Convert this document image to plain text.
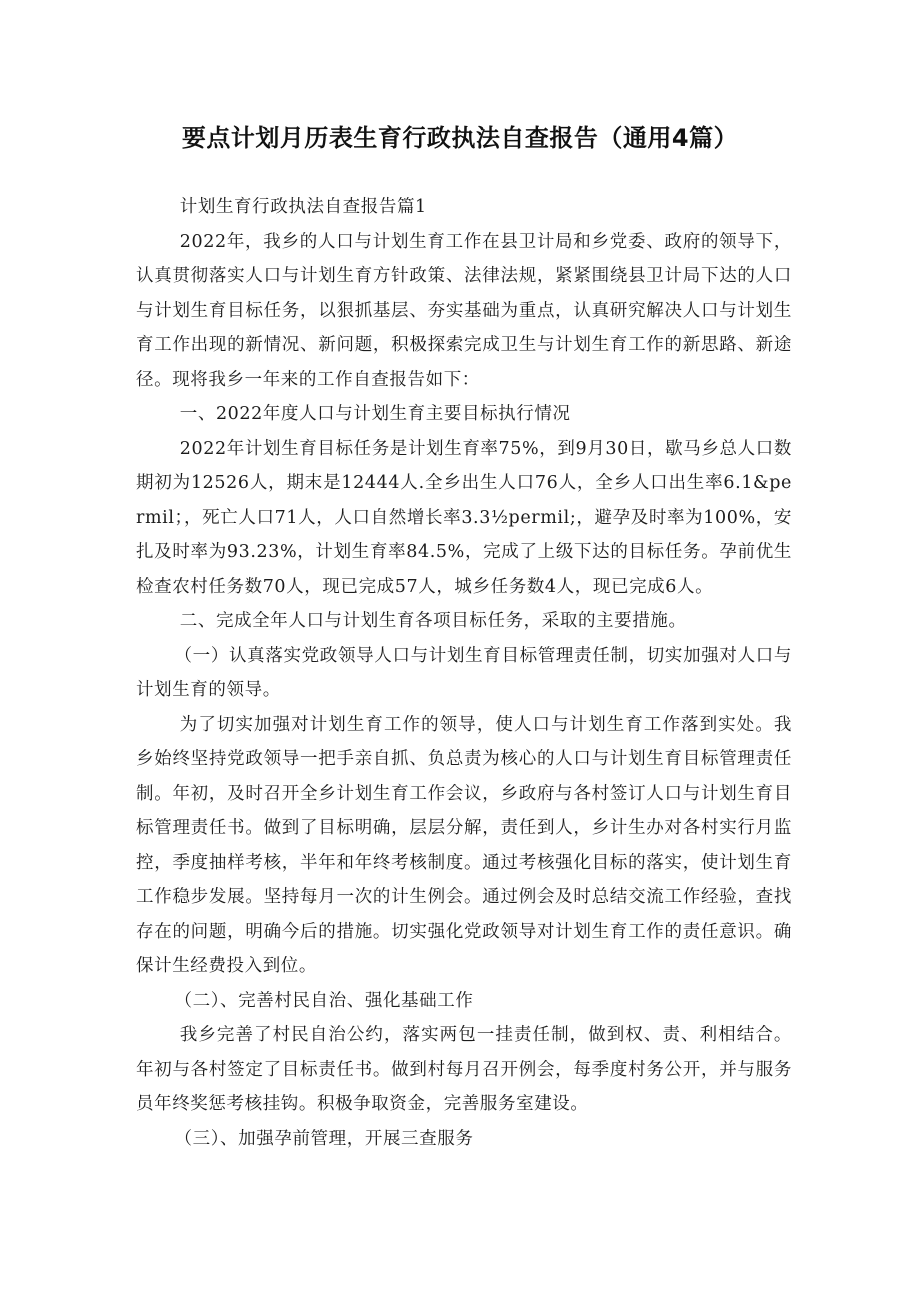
要点计划月历表生育行政执法自查报告（通用4篇）

计划生育行政执法自查报告篇1

2022年，我乡的人口与计划生育工作在县卫计局和乡党委、政府的领导下，认真贯彻落实人口与计划生育方针政策、法律法规，紧紧围绕县卫计局下达的人口与计划生育目标任务，以狠抓基层、夯实基础为重点，认真研究解决人口与计划生育工作出现的新情况、新问题，积极探索完成卫生与计划生育工作的新思路、新途径。现将我乡一年来的工作自查报告如下：

一、2022年度人口与计划生育主要目标执行情况

2022年计划生育目标任务是计划生育率75%，到9月30日，歇马乡总人口数期初为12526人，期末是12444人.全乡出生人口76人，全乡人口出生率6.1&permil；，死亡人口71人，人口自然增长率3.3½permil;，避孕及时率为100%，安扎及时率为93.23%，计划生育率84.5%，完成了上级下达的目标任务。孕前优生检查农村任务数70人，现已完成57人，城乡任务数4人，现已完成6人。

二、完成全年人口与计划生育各项目标任务，采取的主要措施。

（一）认真落实党政领导人口与计划生育目标管理责任制，切实加强对人口与计划生育的领导。

为了切实加强对计划生育工作的领导，使人口与计划生育工作落到实处。我乡始终坚持党政领导一把手亲自抓、负总责为核心的人口与计划生育目标管理责任制。年初，及时召开全乡计划生育工作会议，乡政府与各村签订人口与计划生育目标管理责任书。做到了目标明确，层层分解，责任到人，乡计生办对各村实行月监控，季度抽样考核，半年和年终考核制度。通过考核强化目标的落实，使计划生育工作稳步发展。坚持每月一次的计生例会。通过例会及时总结交流工作经验，查找存在的问题，明确今后的措施。切实强化党政领导对计划生育工作的责任意识。确保计生经费投入到位。

（二）、完善村民自治、强化基础工作

我乡完善了村民自治公约，落实两包一挂责任制，做到权、责、利相结合。年初与各村签定了目标责任书。做到村每月召开例会，每季度村务公开，并与服务员年终奖惩考核挂钩。积极争取资金，完善服务室建设。

（三）、加强孕前管理，开展三查服务
